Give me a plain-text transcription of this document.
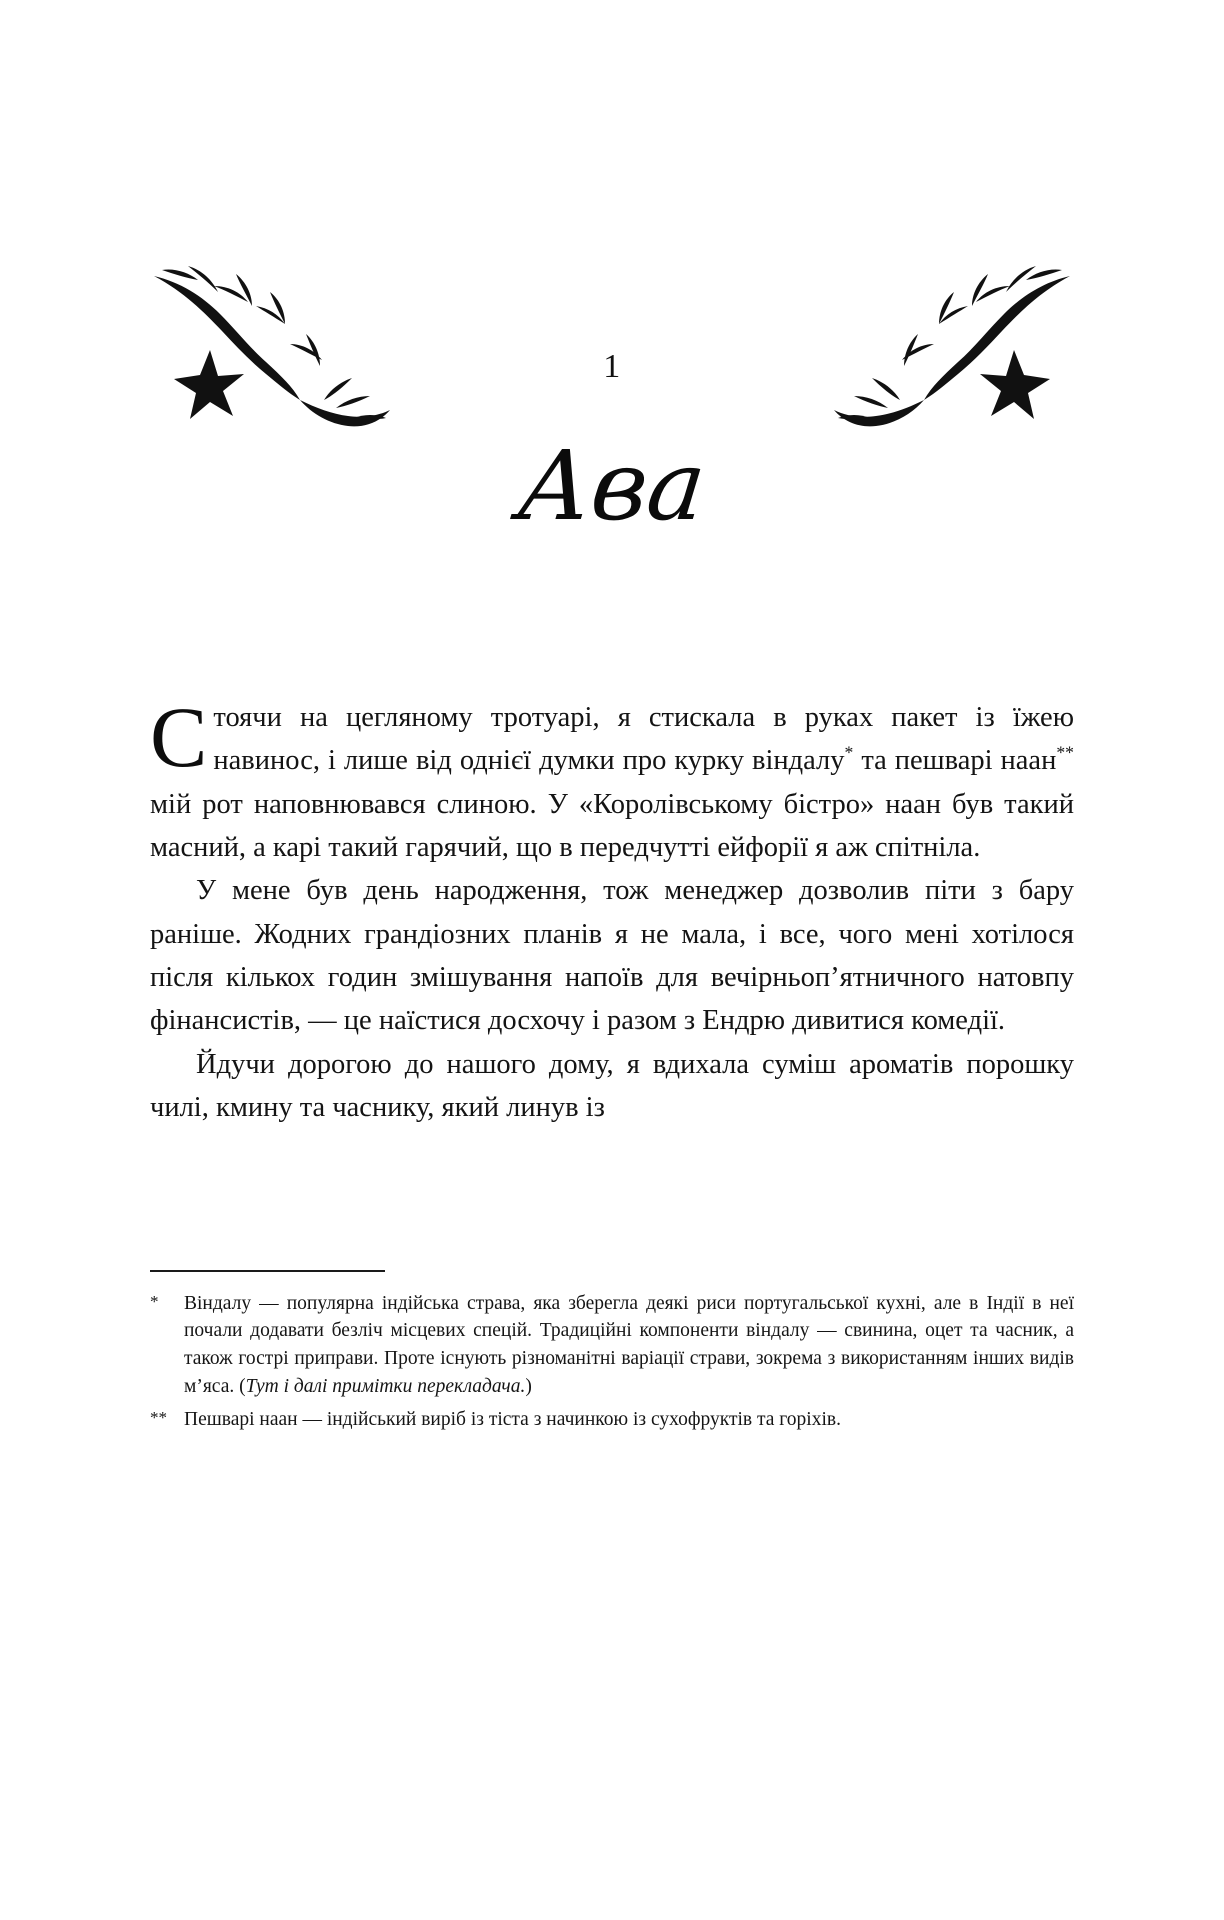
1
Ава

Стоячи на цегляному тротуарі, я стискала в руках пакет із їжею навинос, і лише від однієї думки про курку віндалу* та пешварі наан** мій рот наповнювався слиною. У «Королівському бістро» наан був такий масний, а карі такий гарячий, що в передчутті ейфорії я аж спітніла.

У мене був день народження, тож менеджер дозволив піти з бару раніше. Жодних грандіозних планів я не мала, і все, чого мені хотілося після кількох годин змішування напоїв для вечірньоп’ятничного натовпу фінансистів, — це наїстися досхочу і разом з Ендрю дивитися комедії.

Йдучи дорогою до нашого дому, я вдихала суміш ароматів порошку чилі, кмину та часнику, який линув із

*	Віндалу — популярна індійська страва, яка зберегла деякі риси португальської кухні, але в Індії в неї почали додавати безліч місцевих спецій. Традиційні компоненти віндалу — свинина, оцет та часник, а також гострі приправи. Проте існують різноманітні варіації страви, зокрема з використанням інших видів м’яса. (Тут і далі примітки перекладача.)
** Пешварі наан — індійський виріб із тіста з начинкою із сухофруктів та горіхів.
